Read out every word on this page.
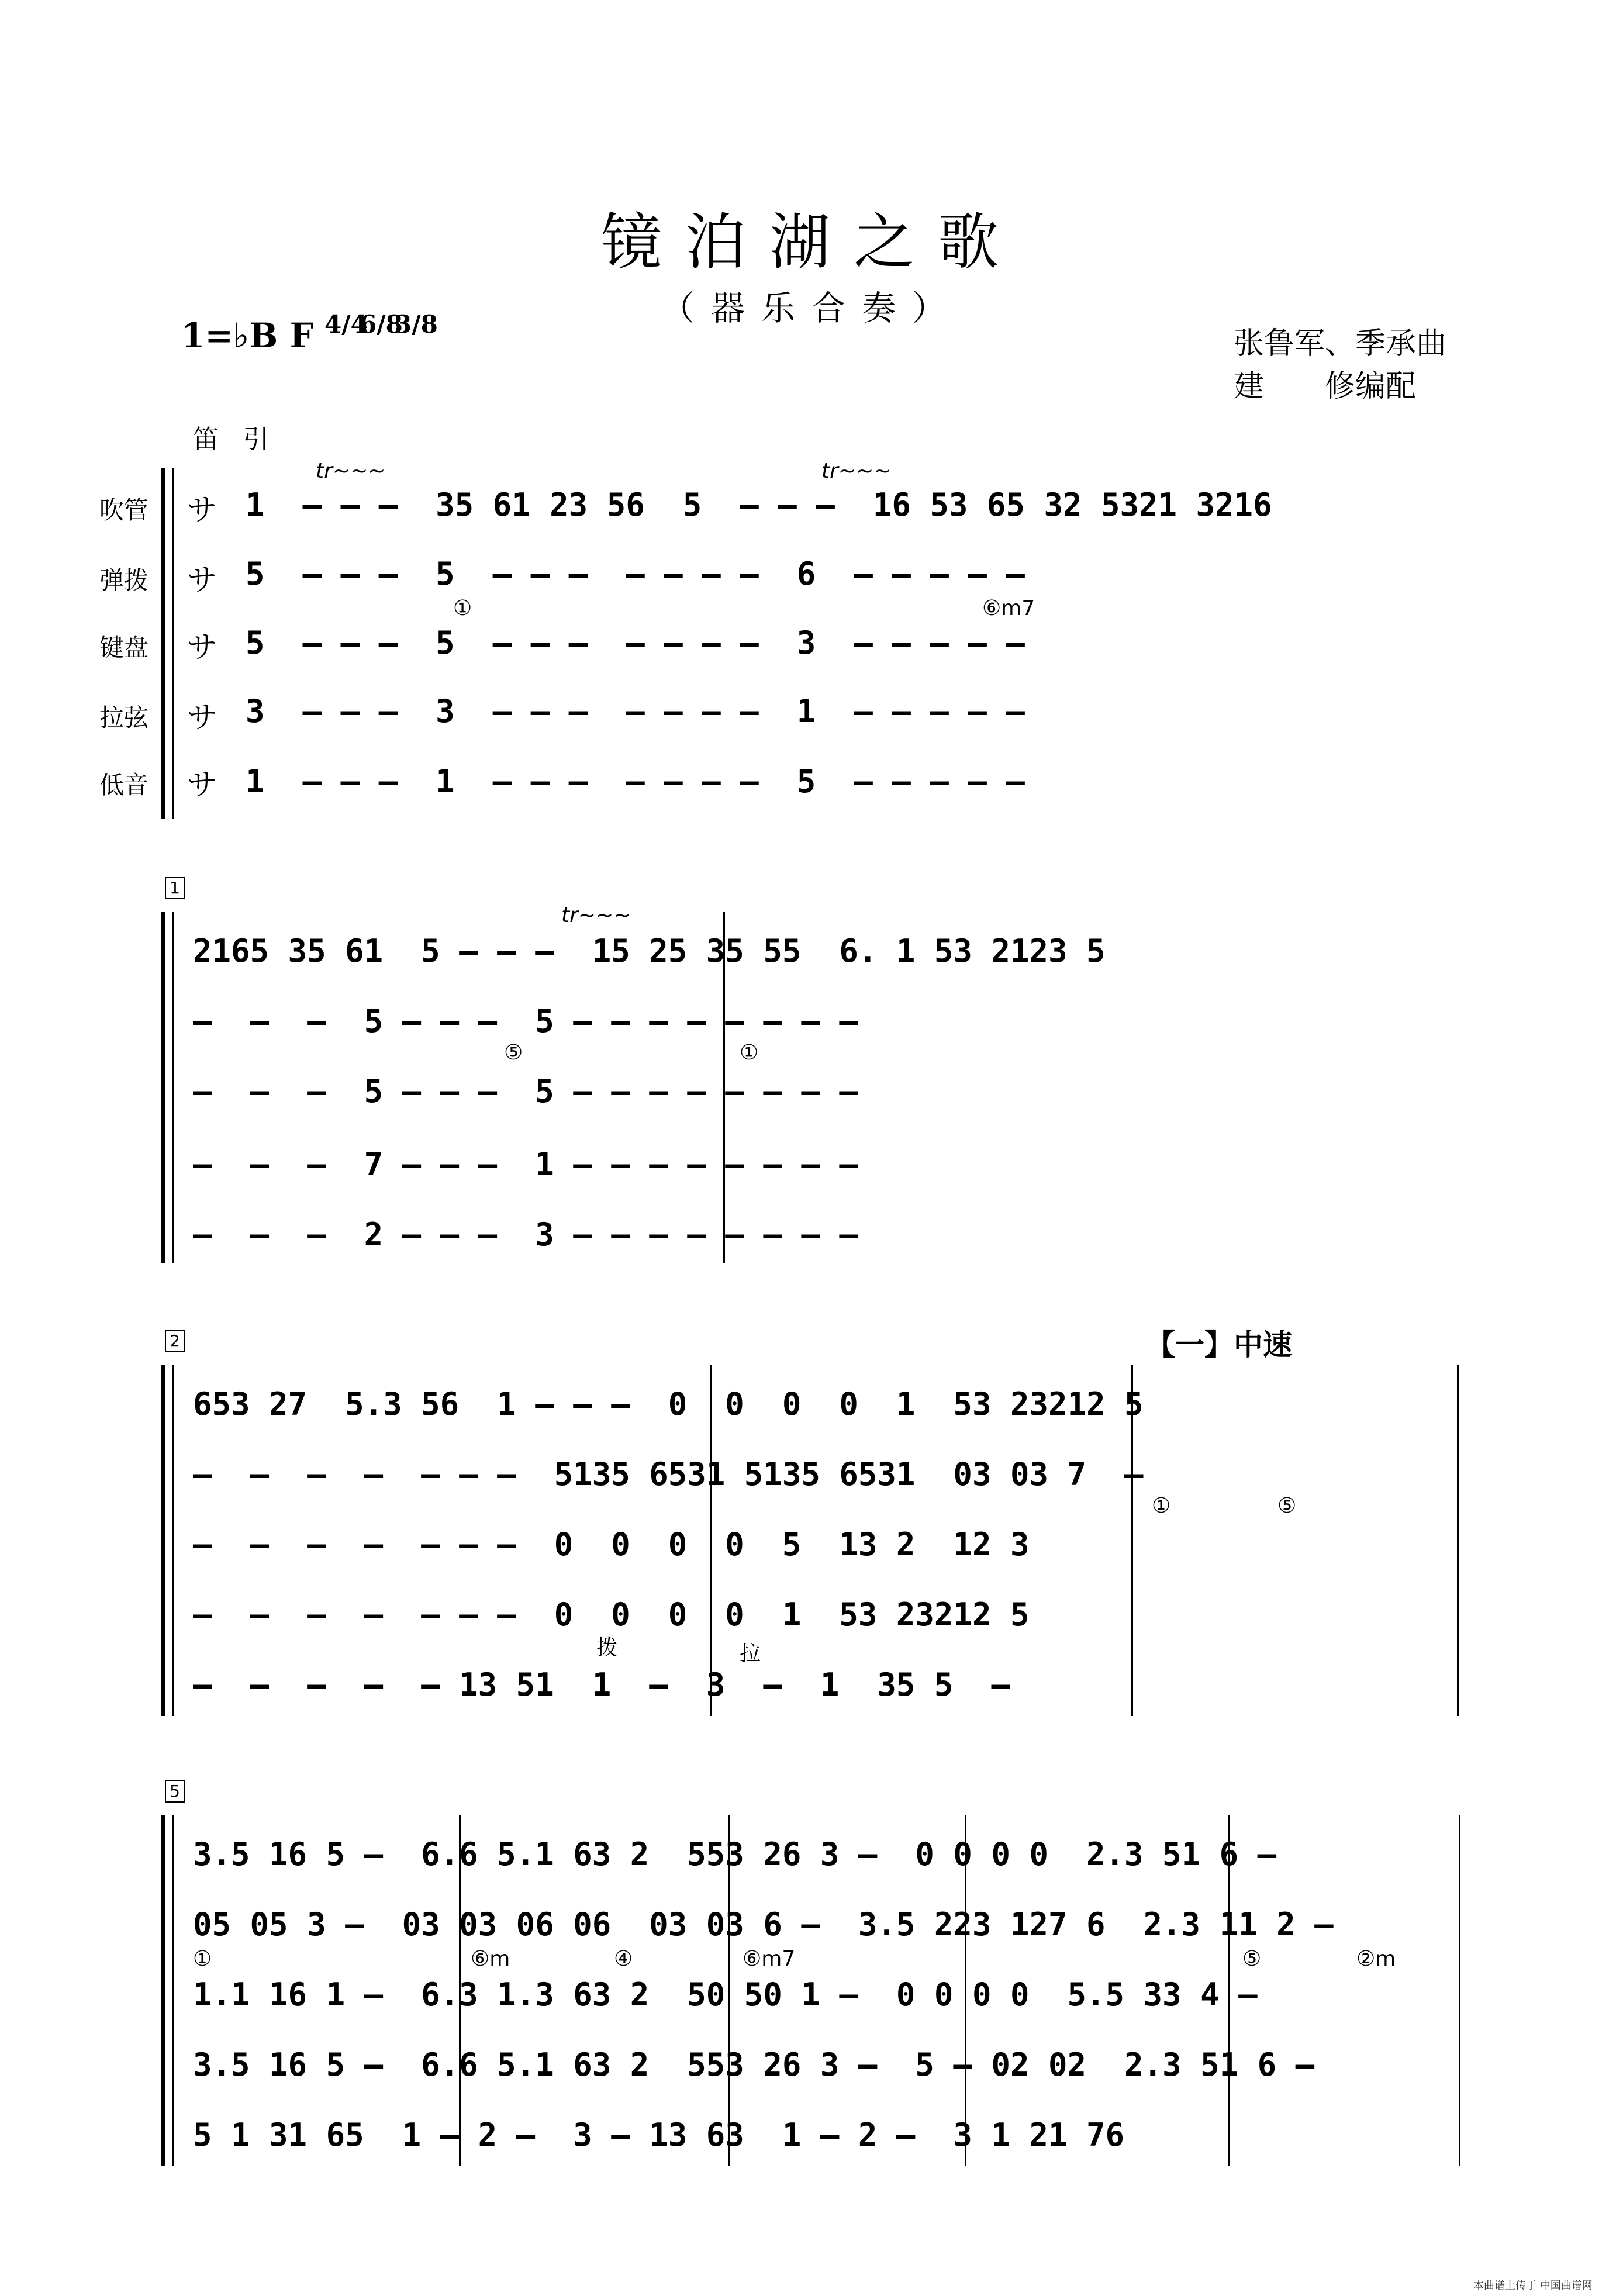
镜泊湖之歌
（器乐合奏）
1=♭B F 4/4
6/8
3/8
张鲁军、季承曲
建　　修编配
笛 引
吹管
弹拨
键盘
拉弦
低音
サ
サ
サ
サ
サ
tr~~~	tr~~~
①	⑥m7
1  — — —  35 61 23 56  5  — — —  16 53 65 32 5321 3216
5  — — —  5  — — —  — — — —  6  — — — — —
5  — — —  5  — — —  — — — —  3  — — — — —
3  — — —  3  — — —  — — — —  1  — — — — —
1  — — —  1  — — —  — — — —  5  — — — — —
1
tr~~~
⑤	①
2165 35 61  5 — — —  15 25 35 55  6. 1 53 2123 5
—  —  —  5 — — —  5 — — — — — — — —
—  —  —  5 — — —  5 — — — — — — — —
—  —  —  7 — — —  1 — — — — — — — —
—  —  —  2 — — —  3 — — — — — — — —
2	【一】中速
拨	拉
①	⑤
653 27  5.3 56  1 — — —  0  0  0  0  1  53 23212 5
—  —  —  —  — — —  5135 6531 5135 6531  03 03 7  —
—  —  —  —  — — —  0  0  0  0  5  13 2  12 3
—  —  —  —  — — —  0  0  0  0  1  53 23212 5
—  —  —  —  — 13 51  1  —  3  —  1  35 5  —
5
①	⑥m	④	⑥m7	⑤	②m
3.5 16 5 —  6.6 5.1 63 2  553 26 3 —  0 0 0 0  2.3 51 6 —
05 05 3 —  03 03 06 06  03 03 6 —  3.5 223 127 6  2.3 11 2 —
1.1 16 1 —  6.3 1.3 63 2  50 50 1 —  0 0 0 0  5.5 33 4 —
3.5 16 5 —  6.6 5.1 63 2  553 26 3 —  5 — 02 02  2.3 51 6 —
5 1 31 65  1 — 2 —  3 — 13 63  1 — 2 —  3 1 21 76
本曲谱上传于 中国曲谱网
